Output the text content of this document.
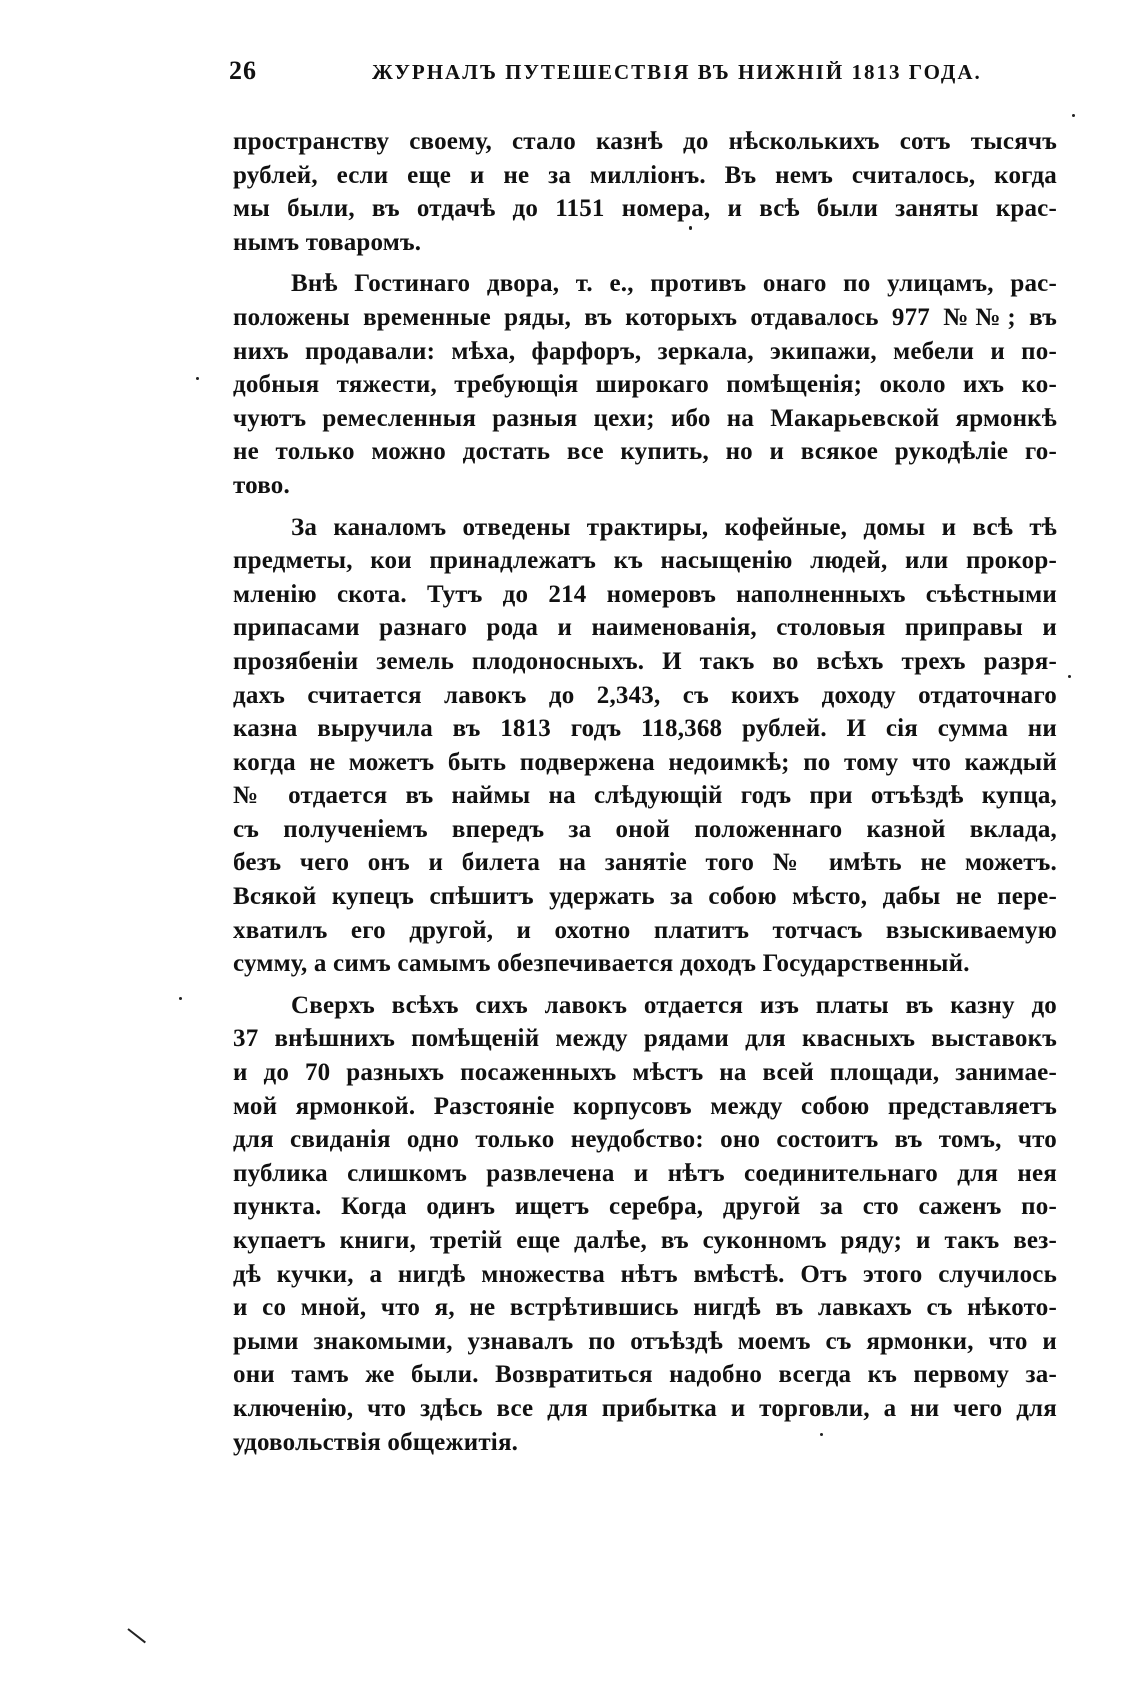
26	ЖУРНАЛЪ ПУТЕШЕСТВІЯ ВЪ НИЖНІЙ 1813 ГОДА.
пространству своему, стало казнѣ до нѣсколькихъ сотъ тысячъ
рублей, если еще и не за милліонъ. Въ немъ считалось, когда
мы были, въ отдачѣ до 1151 номера, и всѣ были заняты крас-
нымъ товаромъ.
Внѣ Гостинаго двора, т. е., противъ онаго по улицамъ, рас-
положены временные ряды, въ которыхъ отдавалось 977 №№; въ
нихъ продавали: мѣха, фарфоръ, зеркала, экипажи, мебели и по-
добныя тяжести, требующія широкаго помѣщенія; около ихъ ко-
чуютъ ремесленныя разныя цехи; ибо на Макарьевской ярмонкѣ
не только можно достать все купить, но и всякое рукодѣліе го-
тово.
За каналомъ отведены трактиры, кофейные, домы и всѣ тѣ
предметы, кои принадлежатъ къ насыщенію людей, или прокор-
мленію скота. Тутъ до 214 номеровъ наполненныхъ съѣстными
припасами разнаго рода и наименованія, столовыя приправы и
прозябеніи земель плодоносныхъ. И такъ во всѣхъ трехъ разря-
дахъ считается лавокъ до 2,343, съ коихъ доходу отдаточнаго
казна выручила въ 1813 годъ 118,368 рублей. И сія сумма ни
когда не можетъ быть подвержена недоимкѣ; по тому что каждый
№ отдается въ наймы на слѣдующій годъ при отъѣздѣ купца,
съ полученіемъ впередъ за оной положеннаго казной вклада,
безъ чего онъ и билета на занятіе того № имѣть не можетъ.
Всякой купецъ спѣшитъ удержать за собою мѣсто, дабы не пере-
хватилъ его другой, и охотно платитъ тотчасъ взыскиваемую
сумму, а симъ самымъ обезпечивается доходъ Государственный.
Сверхъ всѣхъ сихъ лавокъ отдается изъ платы въ казну до
37 внѣшнихъ помѣщеній между рядами для квасныхъ выставокъ
и до 70 разныхъ посаженныхъ мѣстъ на всей площади, занимае-
мой ярмонкой. Разстояніе корпусовъ между собою представляетъ
для свиданія одно только неудобство: оно состоитъ въ томъ, что
публика слишкомъ развлечена и нѣтъ соединительнаго для нея
пункта. Когда одинъ ищетъ серебра, другой за сто саженъ по-
купаетъ книги, третій еще далѣе, въ суконномъ ряду; и такъ вез-
дѣ кучки, а нигдѣ множества нѣтъ вмѣстѣ. Отъ этого случилось
и со мной, что я, не встрѣтившись нигдѣ въ лавкахъ съ нѣкото-
рыми знакомыми, узнавалъ по отъѣздѣ моемъ съ ярмонки, что и
они тамъ же были. Возвратиться надобно всегда къ первому за-
ключенію, что здѣсь все для прибытка и торговли, а ни чего для
удовольствія общежитія.
